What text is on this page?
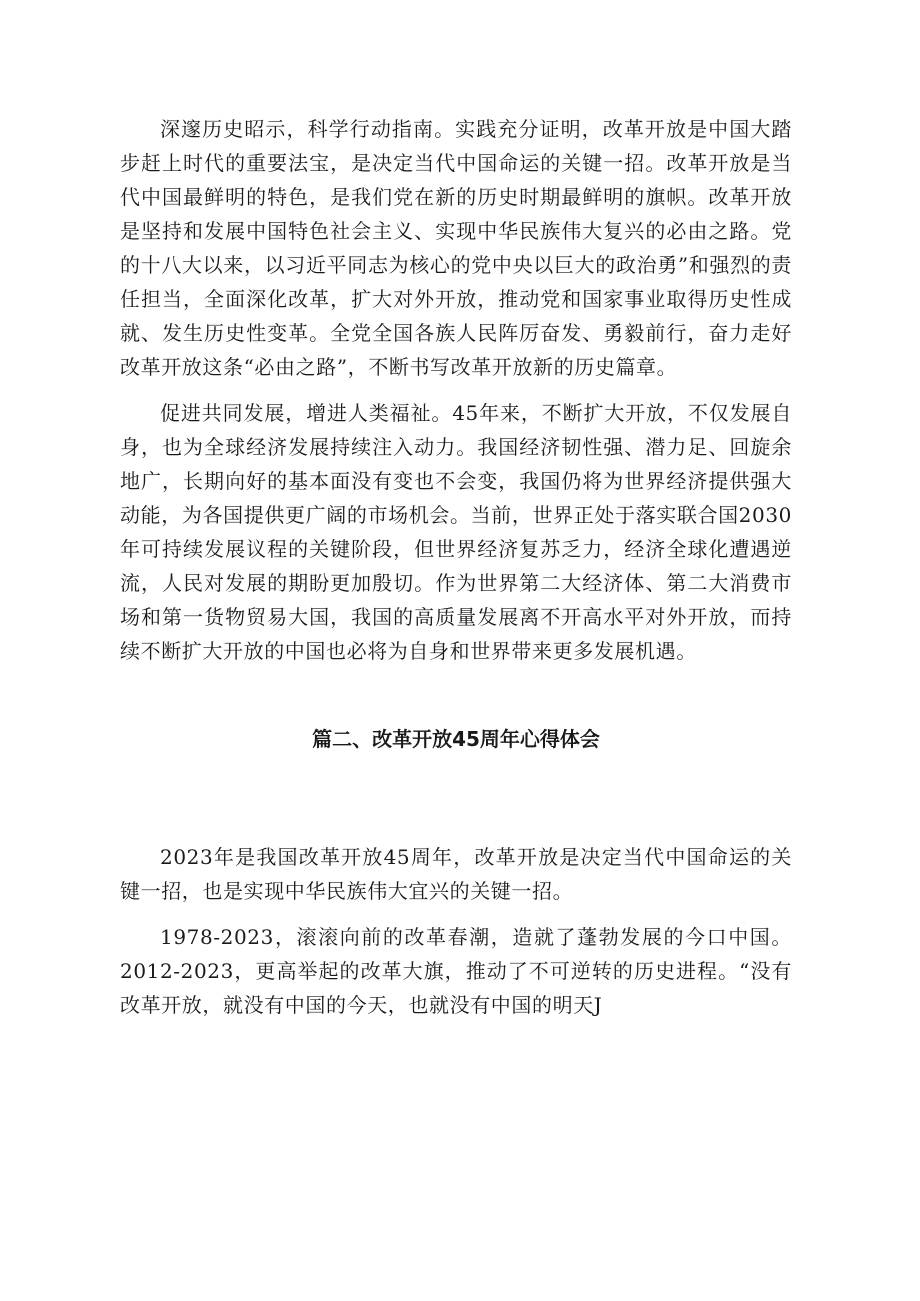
深邃历史昭示，科学行动指南。实践充分证明，改革开放是中国大踏步赶上时代的重要法宝，是决定当代中国命运的关键一招。改革开放是当代中国最鲜明的特色，是我们党在新的历史时期最鲜明的旗帜。改革开放是坚持和发展中国特色社会主义、实现中华民族伟大复兴的必由之路。党的十八大以来，以习近平同志为核心的党中央以巨大的政治勇”和强烈的责任担当，全面深化改革，扩大对外开放，推动党和国家事业取得历史性成就、发生历史性变革。全党全国各族人民阵厉奋发、勇毅前行，奋力走好改革开放这条“必由之路”，不断书写改革开放新的历史篇章。

促进共同发展，增进人类福祉。45年来，不断扩大开放，不仅发展自身，也为全球经济发展持续注入动力。我国经济韧性强、潜力足、回旋余地广，长期向好的基本面没有变也不会变，我国仍将为世界经济提供强大动能，为各国提供更广阔的市场机会。当前，世界正处于落实联合国2030年可持续发展议程的关键阶段，但世界经济复苏乏力，经济全球化遭遇逆流，人民对发展的期盼更加殷切。作为世界第二大经济体、第二大消费市场和第一货物贸易大国，我国的高质量发展离不开高水平对外开放，而持续不断扩大开放的中国也必将为自身和世界带来更多发展机遇。

篇二、改革开放45周年心得体会

2023年是我国改革开放45周年，改革开放是决定当代中国命运的关键一招，也是实现中华民族伟大宜兴的关键一招。

1978-2023，滚滚向前的改革春潮，造就了蓬勃发展的今口中国。2012-2023，更高举起的改革大旗，推动了不可逆转的历史进程。“没有改革开放，就没有中国的今天，也就没有中国的明天J
